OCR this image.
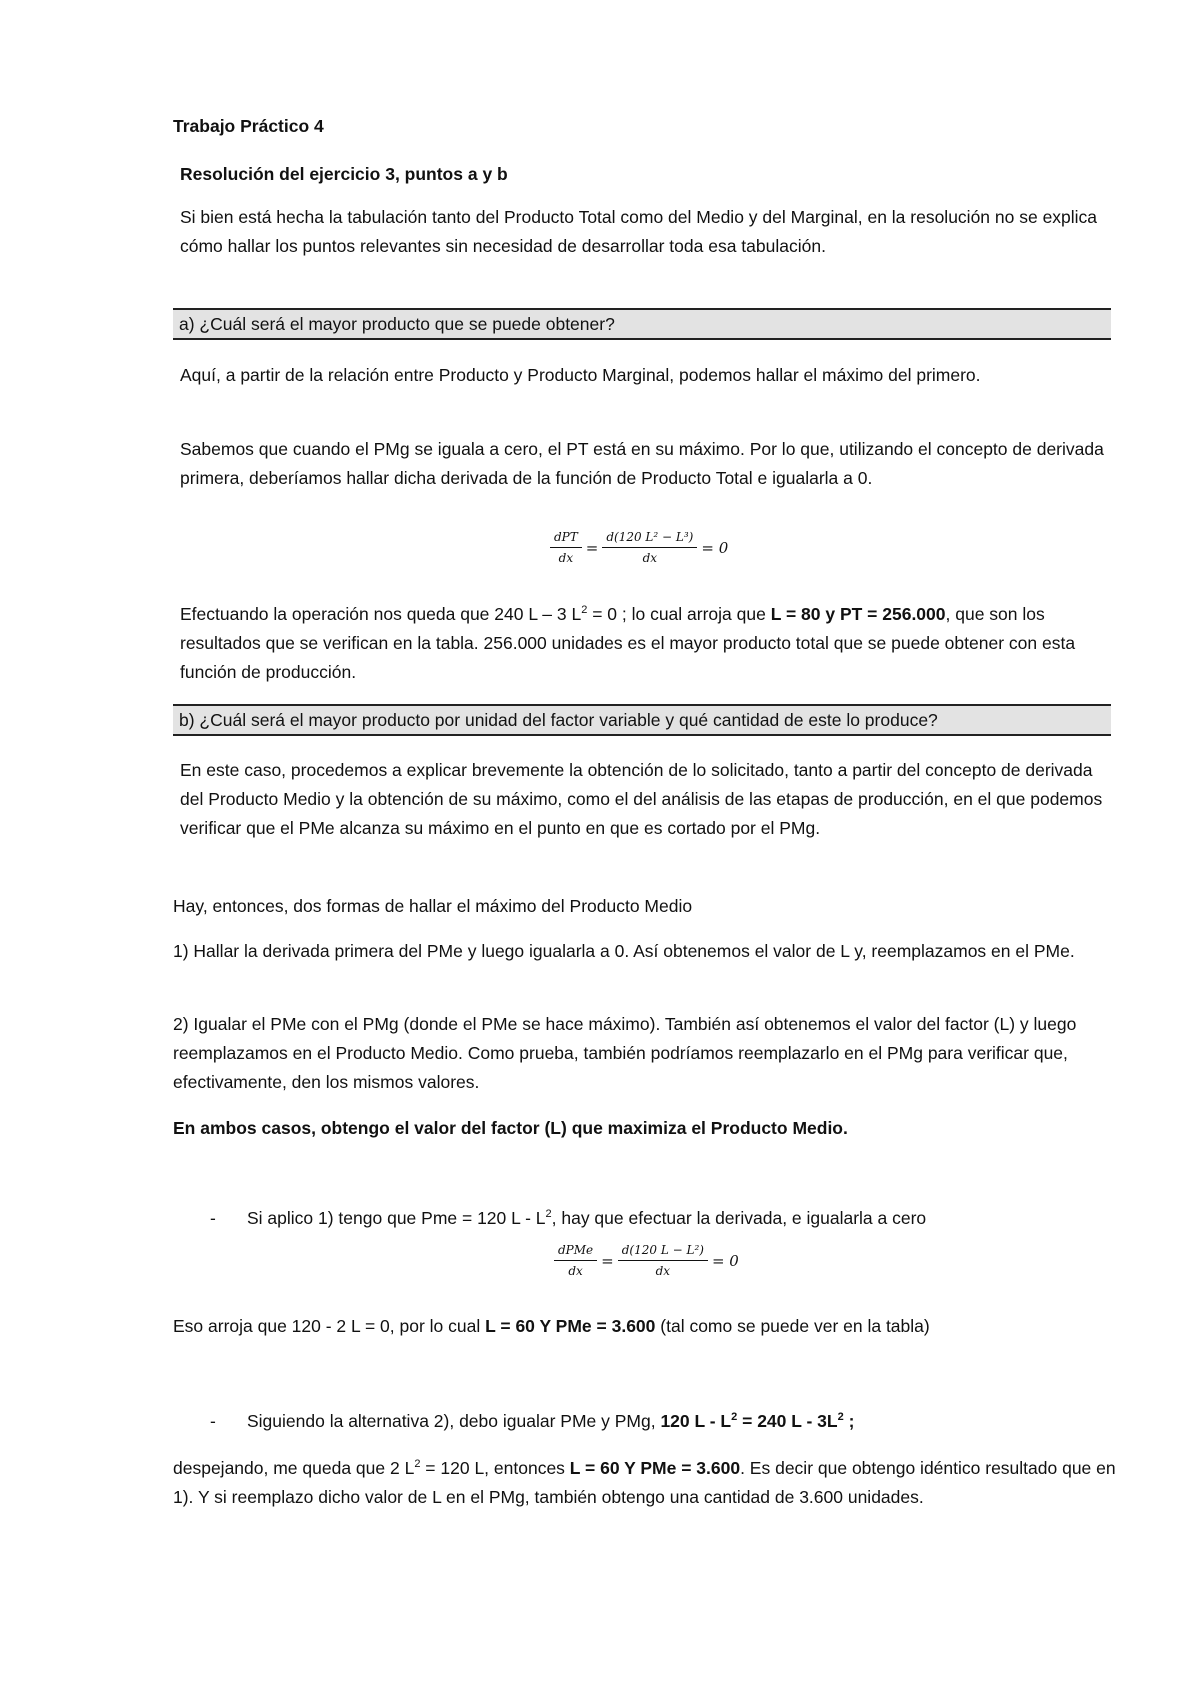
Trabajo Práctico 4
Resolución del ejercicio 3, puntos a y b
Si bien está hecha la tabulación tanto del Producto Total como del Medio y del Marginal, en la resolución no se explica cómo hallar los puntos relevantes sin necesidad de desarrollar toda esa tabulación.
a) ¿Cuál será el mayor producto que se puede obtener?
Aquí, a partir de la relación entre Producto y Producto Marginal, podemos hallar el máximo del primero.
Sabemos que cuando el PMg se iguala a cero, el PT está en su máximo. Por lo que, utilizando el concepto de derivada primera, deberíamos hallar dicha derivada de la función de Producto Total e igualarla a 0.
$\frac{\text{dPT}}{dx} = \frac{\text{d(120 L² − L³)}}{dx} = 0$
Efectuando la operación nos queda que 240 L – 3 $L^2 = 0$ ; lo cual arroja que L = 80 y PT = 256.000, que son los resultados que se verifican en la tabla. 256.000 unidades es el mayor producto total que se puede obtener con esta función de producción.
b) ¿Cuál será el mayor producto por unidad del factor variable y qué cantidad de este lo produce?
En este caso, procedemos a explicar brevemente la obtención de lo solicitado, tanto a partir del concepto de derivada del Producto Medio y la obtención de su máximo, como el del análisis de las etapas de producción, en el que podemos verificar que el PMe alcanza su máximo en el punto en que es cortado por el PMg.
Hay, entonces, dos formas de hallar el máximo del Producto Medio
1) Hallar la derivada primera del PMe y luego igualarla a 0. Así obtenemos el valor de L y, reemplazamos en el PMe.
2) Igualar el PMe con el PMg (donde el PMe se hace máximo). También así obtenemos el valor del factor (L) y luego reemplazamos en el Producto Medio. Como prueba, también podríamos reemplazarlo en el PMg para verificar que, efectivamente, den los mismos valores.
En ambos casos, obtengo el valor del factor (L) que maximiza el Producto Medio.
- Si aplico 1) tengo que Pme = 120 L - $L^2$, hay que efectuar la derivada, e igualarla a cero
$\frac{\text{dPMe}}{dx} = \frac{\text{d(120 L − L²)}}{dx} = 0$
Eso arroja que 120 - 2 L = 0, por lo cual L = 60 Y PMe = 3.600 (tal como se puede ver en la tabla)
- Siguiendo la alternativa 2), debo igualar PMe y PMg, 120 $L - L^2 = 240$ L - $3L^2$ ;
despejando, me queda que 2 $L^2 = 120$ L, entonces L = 60 Y PMe = 3.600. Es decir que obtengo idéntico resultado que en 1). Y si reemplazo dicho valor de L en el PMg, también obtengo una cantidad de 3.600 unidades.
